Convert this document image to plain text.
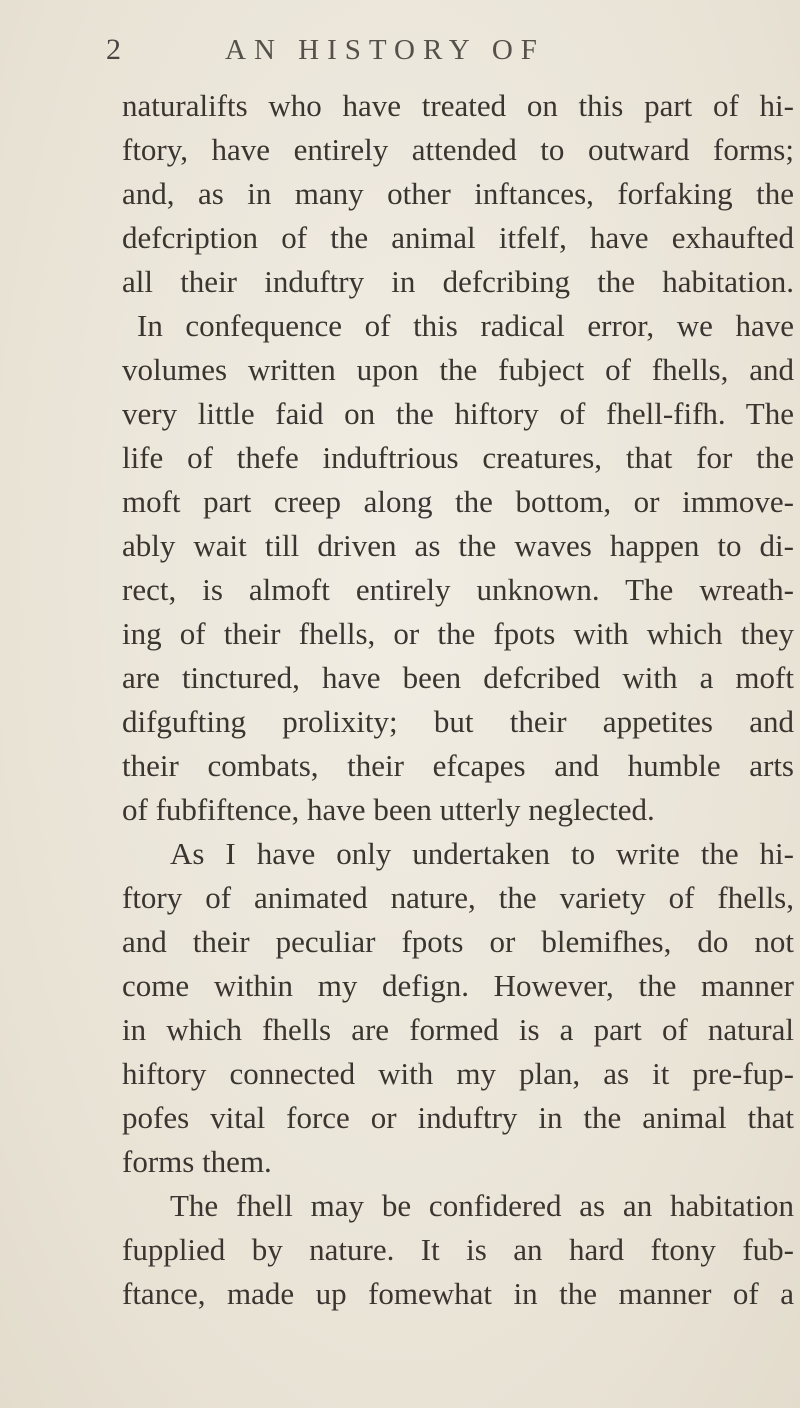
2	AN HISTORY OF
naturalifts who have treated on this part of hi-
ftory, have entirely attended to outward forms;
and, as in many other inftances, forfaking the
defcription of the animal itfelf, have exhaufted
all their induftry in defcribing the habitation.
In confequence of this radical error, we have
volumes written upon the fubject of fhells, and
very little faid on the hiftory of fhell-fifh. The
life of thefe induftrious creatures, that for the
moft part creep along the bottom, or immove-
ably wait till driven as the waves happen to di-
rect, is almoft entirely unknown. The wreath-
ing of their fhells, or the fpots with which they
are tinctured, have been defcribed with a moft
difgufting prolixity; but their appetites and
their combats, their efcapes and humble arts
of fubfiftence, have been utterly neglected.
As I have only undertaken to write the hi-
ftory of animated nature, the variety of fhells,
and their peculiar fpots or blemifhes, do not
come within my defign. However, the manner
in which fhells are formed is a part of natural
hiftory connected with my plan, as it pre-fup-
pofes vital force or induftry in the animal that
forms them.
The fhell may be confidered as an habitation
fupplied by nature. It is an hard ftony fub-
ftance, made up fomewhat in the manner of a
